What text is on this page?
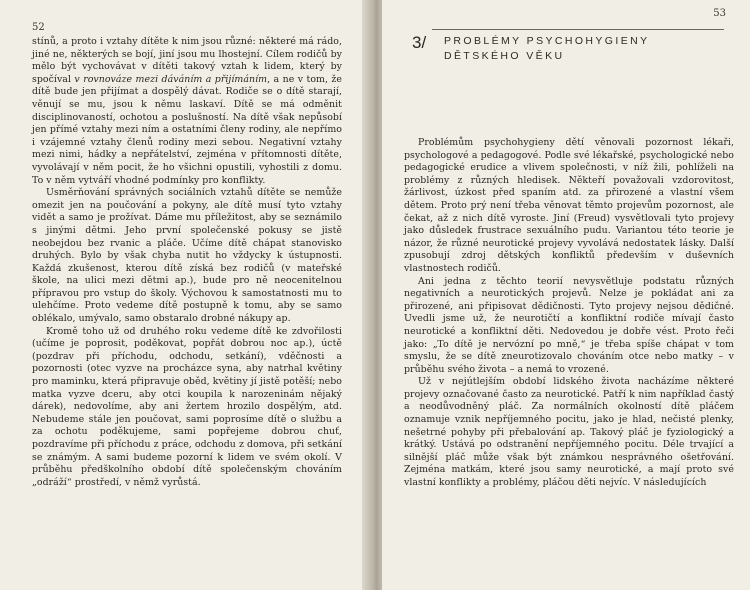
52

stínů, a proto i vztahy dítěte k nim jsou různé: některé má rádo, jiné ne, některých se bojí, jiní jsou mu lhostejní. Cílem rodičů by mělo být vychovávat v dítěti takový vztah k lidem, který by spočíval v rovnováze mezi dáváním a přijímáním, a ne v tom, že dítě bude jen přijímat a dospělý dávat. Rodiče se o dítě starají, věnují se mu, jsou k němu laskaví. Dítě se má odměnit disciplinovaností, ochotou a poslušností. Na dítě však nepůsobí jen přímé vztahy mezi ním a ostatními členy rodiny, ale nepřímo i vzájemné vztahy členů rodiny mezi sebou. Negativní vztahy mezi nimi, hádky a nepřátelství, zejména v přítomnosti dítěte, vyvolávají v něm pocit, že ho všichni opustili, vyhostili z domu. To v něm vytváří vhodné podmínky pro konflikty.

Usměrňování správných sociálních vztahů dítěte se nemůže omezit jen na poučování a pokyny, ale dítě musí tyto vztahy vidět a samo je prožívat. Dáme mu příležitost, aby se seznámilo s jinými dětmi. Jeho první společenské pokusy se jistě neobejdou bez rvanic a pláče. Učíme dítě chápat stanovisko druhých. Bylo by však chyba nutit ho vždycky k ústupnosti. Každá zkušenost, kterou dítě získá bez rodičů (v mateřské škole, na ulici mezi dětmi ap.), bude pro ně neocenitelnou přípravou pro vstup do školy. Výchovou k samostatnosti mu to ulehčíme. Proto vedeme dítě postupně k tomu, aby se samo oblékalo, umývalo, samo obstaralo drobné nákupy ap.

Kromě toho už od druhého roku vedeme dítě ke zdvořilosti (učíme je poprosit, poděkovat, popřát dobrou noc ap.), úctě (pozdrav při příchodu, odchodu, setkání), vděčnosti a pozornosti (otec vyzve na procházce syna, aby natrhal květiny pro maminku, která připravuje oběd, květiny jí jistě potěší; nebo matka vyzve dceru, aby otci koupila k narozeninám nějaký dárek), nedovolíme, aby ani žertem hrozilo dospělým, atd. Nebudeme stále jen poučovat, sami poprosíme dítě o službu a za ochotu poděkujeme, sami popřejeme dobrou chuť, pozdravíme při příchodu z práce, odchodu z domova, při setkání se známým. A sami budeme pozorní k lidem ve svém okolí. V průběhu předškolního období dítě společenským chováním „odráží“ prostředí, v němž vyrůstá.

53
3/ PROBLÉMY PSYCHOHYGIENY
DĚTSKÉHO VĚKU

Problémům psychohygieny dětí věnovali pozornost lékaři, psychologové a pedagogové. Podle své lékařské, psychologické nebo pedagogické erudice a vlivem společnosti, v níž žili, pohlíželi na problémy z různých hledisek. Někteří považovali vzdorovitost, žárlivost, úzkost před spaním atd. za přirozené a vlastní všem dětem. Proto prý není třeba věnovat těmto projevům pozornost, ale čekat, až z nich dítě vyroste. Jiní (Freud) vysvětlovali tyto projevy jako důsledek frustrace sexuálního pudu. Variantou této teorie je názor, že různé neurotické projevy vyvolává nedostatek lásky. Další zpusobují zdroj dětských konfliktů především v duševních vlastnostech rodičů.

Ani jedna z těchto teorií nevysvětluje podstatu různých negativních a neurotických projevů. Nelze je pokládat ani za přirozené, ani připisovat dědičnosti. Tyto projevy nejsou dědičné. Uvedli jsme už, že neurotičtí a konfliktní rodiče mívají často neurotické a konfliktní děti. Nedovedou je dobře vést. Proto řeči jako: „To dítě je nervózní po mně,“ je třeba spíše chápat v tom smyslu, že se dítě zneurotizovalo chováním otce nebo matky – v průběhu svého života – a nemá to vrozené.

Už v nejútlejším období lidského života nacházíme některé projevy označované často za neurotické. Patří k nim například častý a neodůvodněný pláč. Za normálních okolností dítě pláčem oznamuje vznik nepříjemného pocitu, jako je hlad, nečisté plenky, nešetrné pohyby při přebalování ap. Takový pláč je fyziologický a krátký. Ustává po odstranění nepříjemného pocitu. Déle trvající a silnější pláč může však být známkou nesprávného ošetřování. Zejména matkám, které jsou samy neurotické, a mají proto své vlastní konflikty a problémy, pláčou děti nejvíc. V následujících
